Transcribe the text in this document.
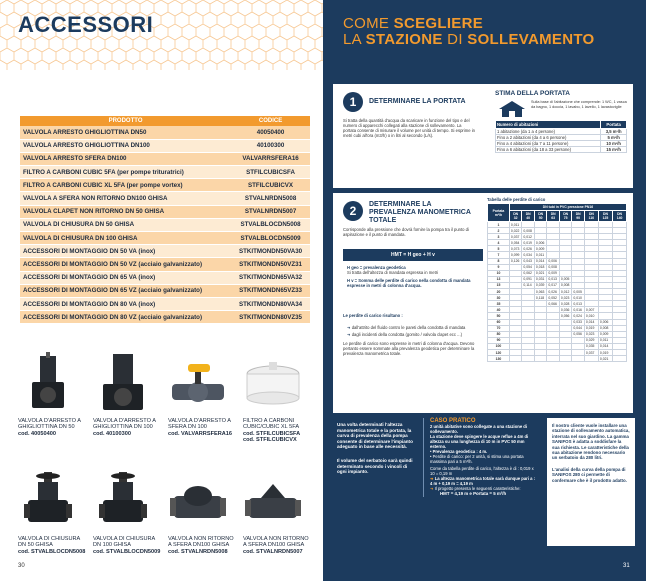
ACCESSORI
PRODOTTO	CODICE
VALVOLA ARRESTO GHIGLIOTTINA DN50	40050400
VALVOLA ARRESTO GHIGLIOTTINA DN100	40100300
VALVOLA ARRESTO SFERA DN100	VALVARRSFERA16
FILTRO A CARBONI CUBIC 5FA (per pompe trituratrici)	STFILCUBICSFA
FILTRO A CARBONI CUBIC XL 5FA (per pompe vortex)	STFILCUBICVX
VALVOLA A SFERA NON RITORNO DN100 GHISA	STVALNRDN5008
VALVOLA CLAPET NON RITORNO DN 50 GHISA	STVALNRDN5007
VALVOLA DI CHIUSURA DN 50 GHISA	STVALBLOCDN5008
VALVOLA DI CHIUSURA DN 100 GHISA	STVALBLOCDN5009
ACCESSORI DI MONTAGGIO DN 50 VA (inox)	STKITMONDN50VA30
ACCESSORI DI MONTAGGIO DN 50 VZ (acciaio galvanizzato)	STKITMONDN50VZ31
ACCESSORI DI MONTAGGIO DN 65 VA (inox)	STKITMONDN65VA32
ACCESSORI DI MONTAGGIO DN 65 VZ (acciaio galvanizzato)	STKITMONDN65VZ33
ACCESSORI DI MONTAGGIO DN 80 VA (inox)	STKITMONDN80VA34
ACCESSORI DI MONTAGGIO DN 80 VZ (acciaio galvanizzato)	STKITMONDN80VZ35
VALVOLA D'ARRESTO A GHIGLIOTTINA DN 50
cod. 40050400
VALVOLA D'ARRESTO A GHIGLIOTTINA DN 100
cod. 40100300
VALVOLA D'ARRESTO A SFERA DN 100
cod. VALVARRSFERA16
FILTRO A CARBONI CUBIC/CUBIC XL 5FA
cod. STFILCUBICSFA
cod. STFILCUBICVX
VALVOLA DI CHIUSURA DN 50 GHISA
cod. STVALBLOCDN5008
VALVOLA DI CHIUSURA DN 100 GHISA
cod. STVALBLOCDN5009
VALVOLA NON RITORNO A SFERA DN100 GHISA
cod. STVALNRDN5008
VALVOLA NON RITORNO A SFERA DN100 GHISA
cod. STVALNRDN5007
30
COME SCEGLIERE
LA STAZIONE DI SOLLEVAMENTO
1	DETERMINARE LA PORTATA
Si tratta della quantità d'acqua da scaricare in funzione del tipo e del numero di apparecchi collegati alla stazione di sollevamento. La portata consente di misurare il volume per unità di tempo. Si esprime in metri cubi all'ora (m3/h) o in litri al secondo (L/s).
STIMA DELLA PORTATA
Sulla base di l'abitazione che comprende: 1 WC, 1 vasca da bagno, 1 doccia, 1 lavabo, 1 lavello, 1 lavastoviglie
Numero di abitazioni	Portata
1 abitazione (da 1 a 4 persone)	3,5 m³/h
Fino a 2 abitazioni (da 4 a 6 persone)	5 m³/h
Fino a 4 abitazioni (da 7 a 11 persone)	10 m³/h
Fino a 6 abitazioni (da 18 a 33 persone)	15 m³/h
2	DETERMINARE LA PREVALENZA MANOMETRICA TOTALE
Corrisponde alla pressione che dovrà fornire la pompa tra il punto di aspirazione e il punto di mandata.
HMT = H geo + H v
H geo = prevalenza geodetica
Si tratta dell'altezza di mandata espressa in metri
H v = Somma delle perdite di carico nella condotta di mandata espresse in metri di colonna d'acqua.
Le perdite di carico risultano :
➜ dall'attrito del fluido contro le pareti della condotta di mandata
➜ dagli incidenti della condotta (gomito / valvola clapet ecc ...)
Le perdite di carico sono espresse in metri di colonna d'acqua. Devono pertanto essere sommate alla prevalenza geodetica per determinare la prevalenza manometrica totale.
Tabella delle perdite di carico
Portata m³/h	DN tubi in PVC pressione PN16								
	DN 32	DN 40	DN 50	DN 63	DN 75	DN 90	DN 110	DN 125	DN 140
1	0,011								
2	0,022	0,008							
3	0,037	0,012							
4	0,054	0,019	0,006						
5	0,073	0,026	0,009						
7	0,099	0,034	0,011						
8	0,126	0,043	0,014	0,006					
9		0,054	0,018	0,008					
10		0,062	0,021	0,009					
13		0,091	0,031	0,013	0,005				
15		0,114	0,039	0,017	0,008				
20			0,063	0,026	0,012	0,005			
30			0,118	0,052	0,023	0,010			
35				0,066	0,028	0,013			
40					0,036	0,016	0,007		
50					0,056	0,024	0,010		
60						0,033	0,014	0,006	
70						0,044	0,019	0,008	
80						0,056	0,023	0,009	
90							0,029	0,011	
100							0,035	0,014	
120							0,037	0,019	
130								0,021	
Una volta determinati l'altezza manometrica totale e la portata, la curva di prevalenza della pompa consente di determinare l'impianto adeguato in base alle necessità.
Il volume del serbatoio sarà quindi determinato secondo i vincoli di ogni impianto.
CASO PRATICO
2 unità abitative sono collegate a una stazione di sollevamento.
La stazione deve spingere le acque reflue a 4m di altezza su una lunghezza di 10 m in PVC 50 mm esterno.
• Prevalenza geodetica : 4 m.
• Perdite di carico: per 2 unità, si stima una portata massima pari a 5 m³/h.
Come da tabella perdite di carico, l'altezza è di : 0,019 x 10 = 0,19 m
➜ La altezza manometrica totale sarà dunque pari a : 4 m + 0,19 m = 4,19 m
➜ Il progetto presenta le seguenti caratteristiche:
HMT = 4,19 m e Portata = 5 m³/h
Il nostro cliente vuole installare una stazione di sollevamento automatica, interrata nel suo giardino. La gamma SANIFOS è adatta a soddisfare la sua richiesta. Le caratteristiche della sua abitazione rendono necessario un serbatoio da 280 litri.
L'analisi della curva della pompa di SANIFOS 280 ci permette di confermare che è il prodotto adatto.
31
